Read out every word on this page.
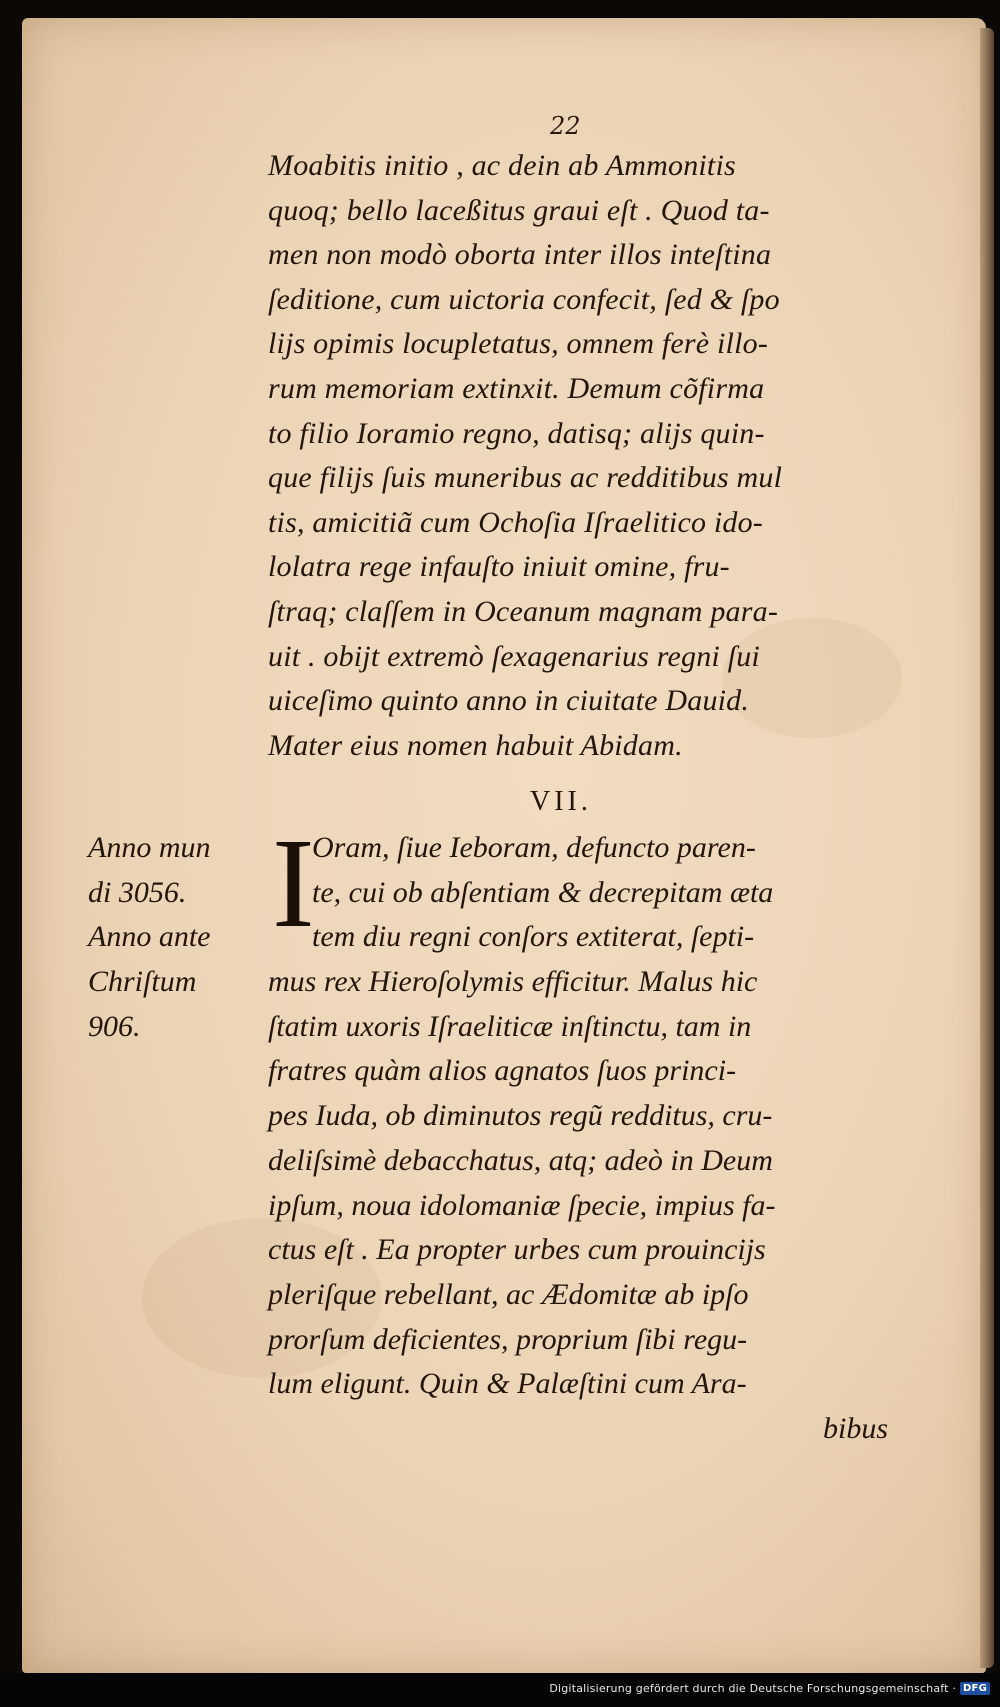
22
Moabitis initio , ac dein ab Ammonitis
quoq; bello laceßitus graui eſt . Quod ta-
men non modò oborta inter illos inteſtina
ſeditione, cum uictoria confecit, ſed & ſpo
lijs opimis locupletatus, omnem ferè illo-
rum memoriam extinxit. Demum cõfirma
to filio Ioramio regno, datisq; alijs quin-
que filijs ſuis muneribus ac redditibus mul
tis, amicitiã cum Ochoſia Iſraelitico ido-
lolatra rege infauſto iniuit omine, fru-
ſtraq; claſſem in Oceanum magnam para-
uit . obijt extremò ſexagenarius regni ſui
uiceſimo quinto anno in ciuitate Dauid.
Mater eius nomen habuit Abidam.
VII.
I
Oram, ſiue Ieboram, defuncto paren-
te, cui ob abſentiam & decrepitam æta
tem diu regni conſors extiterat, ſepti-
mus rex Hieroſolymis efficitur. Malus hic
ſtatim uxoris Iſraeliticæ inſtinctu, tam in
fratres quàm alios agnatos ſuos princi-
pes Iuda, ob diminutos regũ redditus, cru-
deliſsimè debacchatus, atq; adeò in Deum
ipſum, noua idolomaniæ ſpecie, impius fa-
ctus eſt . Ea propter urbes cum prouincijs
pleriſque rebellant, ac Ædomitæ ab ipſo
prorſum deficientes, proprium ſibi regu-
lum eligunt. Quin & Palæſtini cum Ara-
bibus
Anno mun
di 3056.
Anno ante
Chriſtum
906.
Digitalisierung gefördert durch die Deutsche Forschungsgemeinschaft · DFG
